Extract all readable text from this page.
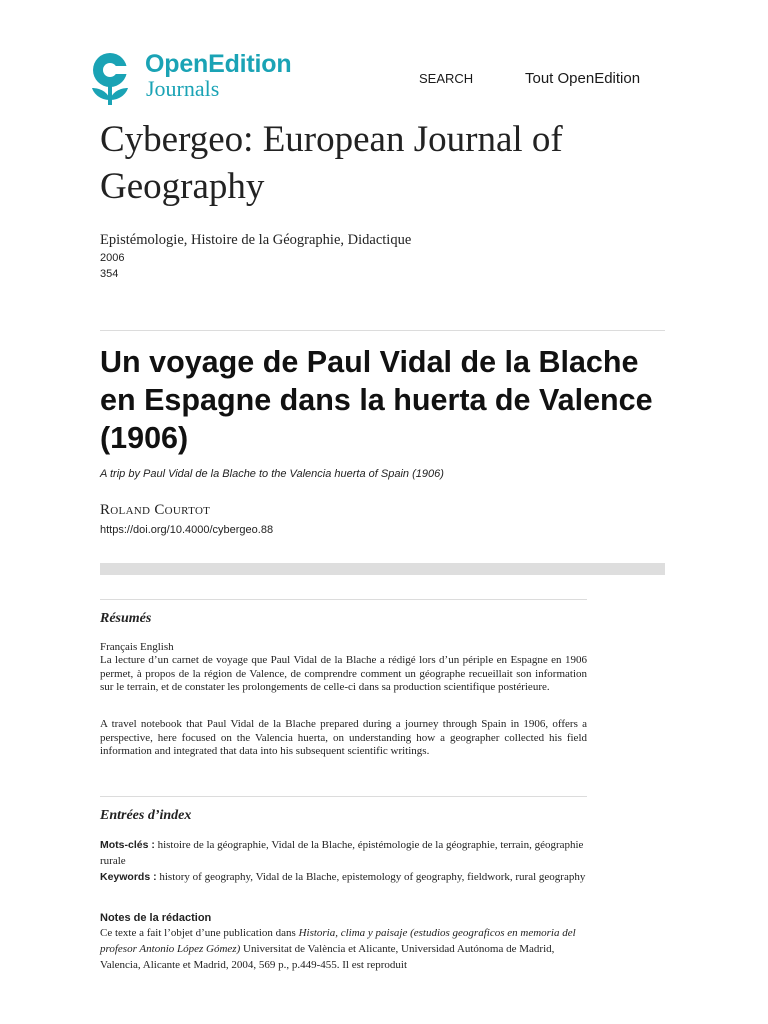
OpenEdition
Journals	SEARCH	Tout OpenEdition
Cybergeo: European Journal of Geography
Epistémologie, Histoire de la Géographie, Didactique
2006
354
Un voyage de Paul Vidal de la Blache en Espagne dans la huerta de Valence (1906)
A trip by Paul Vidal de la Blache to the Valencia huerta of Spain (1906)
Roland Courtot
https://doi.org/10.4000/cybergeo.88
Résumés
Français English
La lecture d’un carnet de voyage que Paul Vidal de la Blache a rédigé lors d’un périple en Espagne en 1906 permet, à propos de la région de Valence, de comprendre comment un géographe recueillait son information sur le terrain, et de constater les prolongements de celle-ci dans sa production scientifique postérieure.
A travel notebook that Paul Vidal de la Blache prepared during a journey through Spain in 1906, offers a perspective, here focused on the Valencia huerta, on understanding how a geographer collected his field information and integrated that data into his subsequent scientific writings.
Entrées d’index
Mots-clés : histoire de la géographie, Vidal de la Blache, épistémologie de la géographie, terrain, géographie rurale
Keywords : history of geography, Vidal de la Blache, epistemology of geography, fieldwork, rural geography
Notes de la rédaction
Ce texte a fait l’objet d’une publication dans Historia, clima y paisaje (estudios geograficos en memoria del profesor Antonio López Gómez) Universitat de València et Alicante, Universidad Autónoma de Madrid, Valencia, Alicante et Madrid, 2004, 569 p., p.449-455. Il est reproduit
